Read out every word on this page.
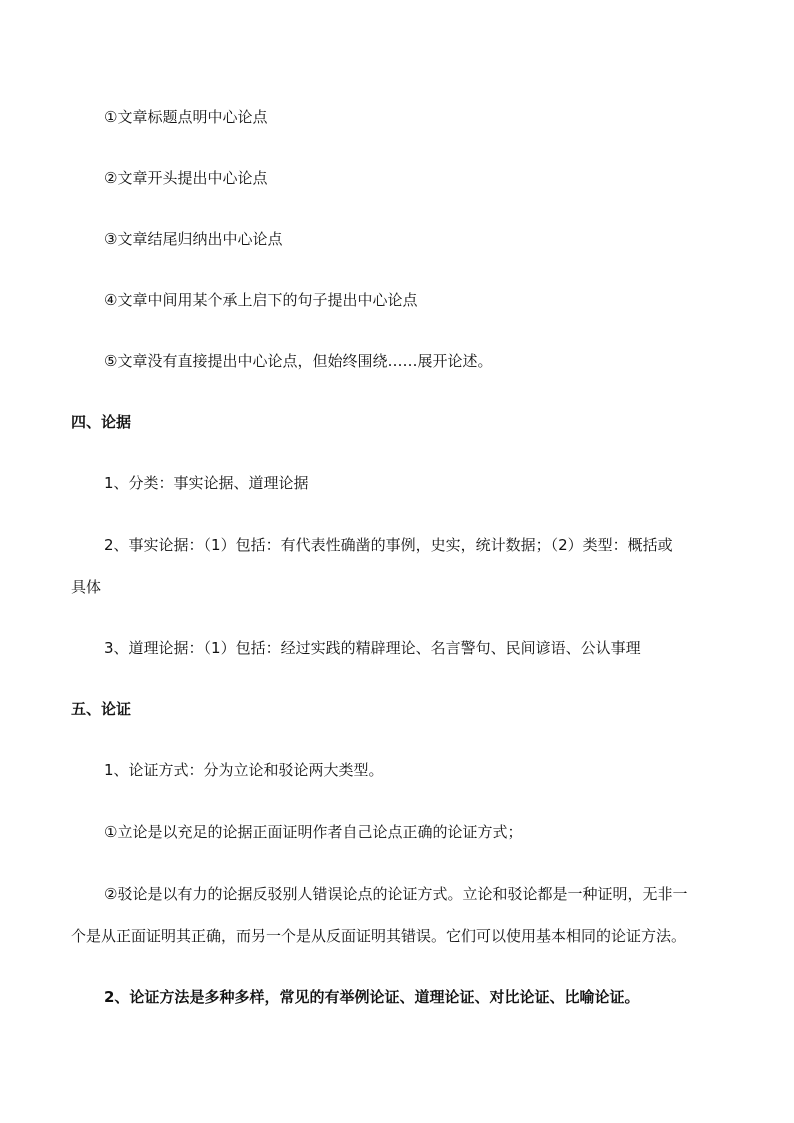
①文章标题点明中心论点
②文章开头提出中心论点
③文章结尾归纳出中心论点
④文章中间用某个承上启下的句子提出中心论点
⑤文章没有直接提出中心论点，但始终围绕……展开论述。
四、论据
1、分类：事实论据、道理论据
2、事实论据：（1）包括：有代表性确凿的事例，史实，统计数据；（2）类型：概括或
具体
3、道理论据：（1）包括：经过实践的精辟理论、名言警句、民间谚语、公认事理
五、论证
1、论证方式：分为立论和驳论两大类型。
①立论是以充足的论据正面证明作者自己论点正确的论证方式；
②驳论是以有力的论据反驳别人错误论点的论证方式。立论和驳论都是一种证明，无非一
个是从正面证明其正确，而另一个是从反面证明其错误。它们可以使用基本相同的论证方法。
2、论证方法是多种多样，常见的有举例论证、道理论证、对比论证、比喻论证。
